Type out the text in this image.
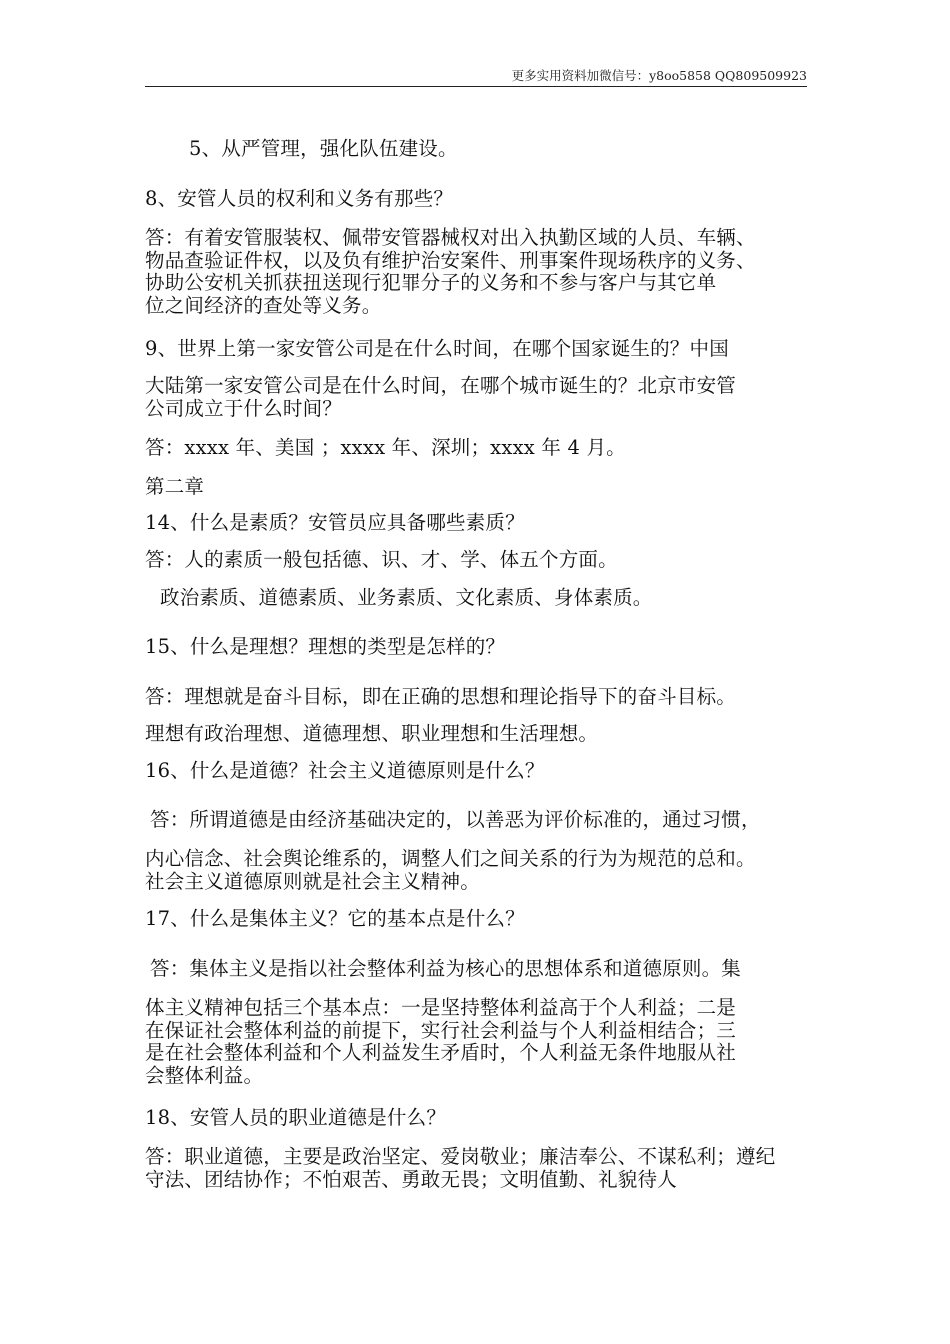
更多实用资料加微信号：y8oo5858 QQ809509923
5、从严管理，强化队伍建设。
8、安管人员的权利和义务有那些？
答：有着安管服装权、佩带安管器械权对出入执勤区域的人员、车辆、
物品查验证件权，以及负有维护治安案件、刑事案件现场秩序的义务、
协助公安机关抓获扭送现行犯罪分子的义务和不参与客户与其它单
位之间经济的查处等义务。
9、世界上第一家安管公司是在什么时间，在哪个国家诞生的？中国
大陆第一家安管公司是在什么时间，在哪个城市诞生的？北京市安管
公司成立于什么时间？
答：xxxx 年、美国 ；xxxx 年、深圳；xxxx 年 4 月。
第二章
14、什么是素质？安管员应具备哪些素质？
答：人的素质一般包括德、识、才、学、体五个方面。
政治素质、道德素质、业务素质、文化素质、身体素质。
15、什么是理想？理想的类型是怎样的？
答：理想就是奋斗目标，即在正确的思想和理论指导下的奋斗目标。
理想有政治理想、道德理想、职业理想和生活理想。
16、什么是道德？社会主义道德原则是什么？
答：所谓道德是由经济基础决定的，以善恶为评价标准的，通过习惯，
内心信念、社会舆论维系的，调整人们之间关系的行为为规范的总和。
社会主义道德原则就是社会主义精神。
17、什么是集体主义？它的基本点是什么？
答：集体主义是指以社会整体利益为核心的思想体系和道德原则。集
体主义精神包括三个基本点：一是坚持整体利益高于个人利益；二是
在保证社会整体利益的前提下，实行社会利益与个人利益相结合；三
是在社会整体利益和个人利益发生矛盾时，个人利益无条件地服从社
会整体利益。
18、安管人员的职业道德是什么？
答：职业道德，主要是政治坚定、爱岗敬业；廉洁奉公、不谋私利；遵纪
守法、团结协作；不怕艰苦、勇敢无畏；文明值勤、礼貌待人
